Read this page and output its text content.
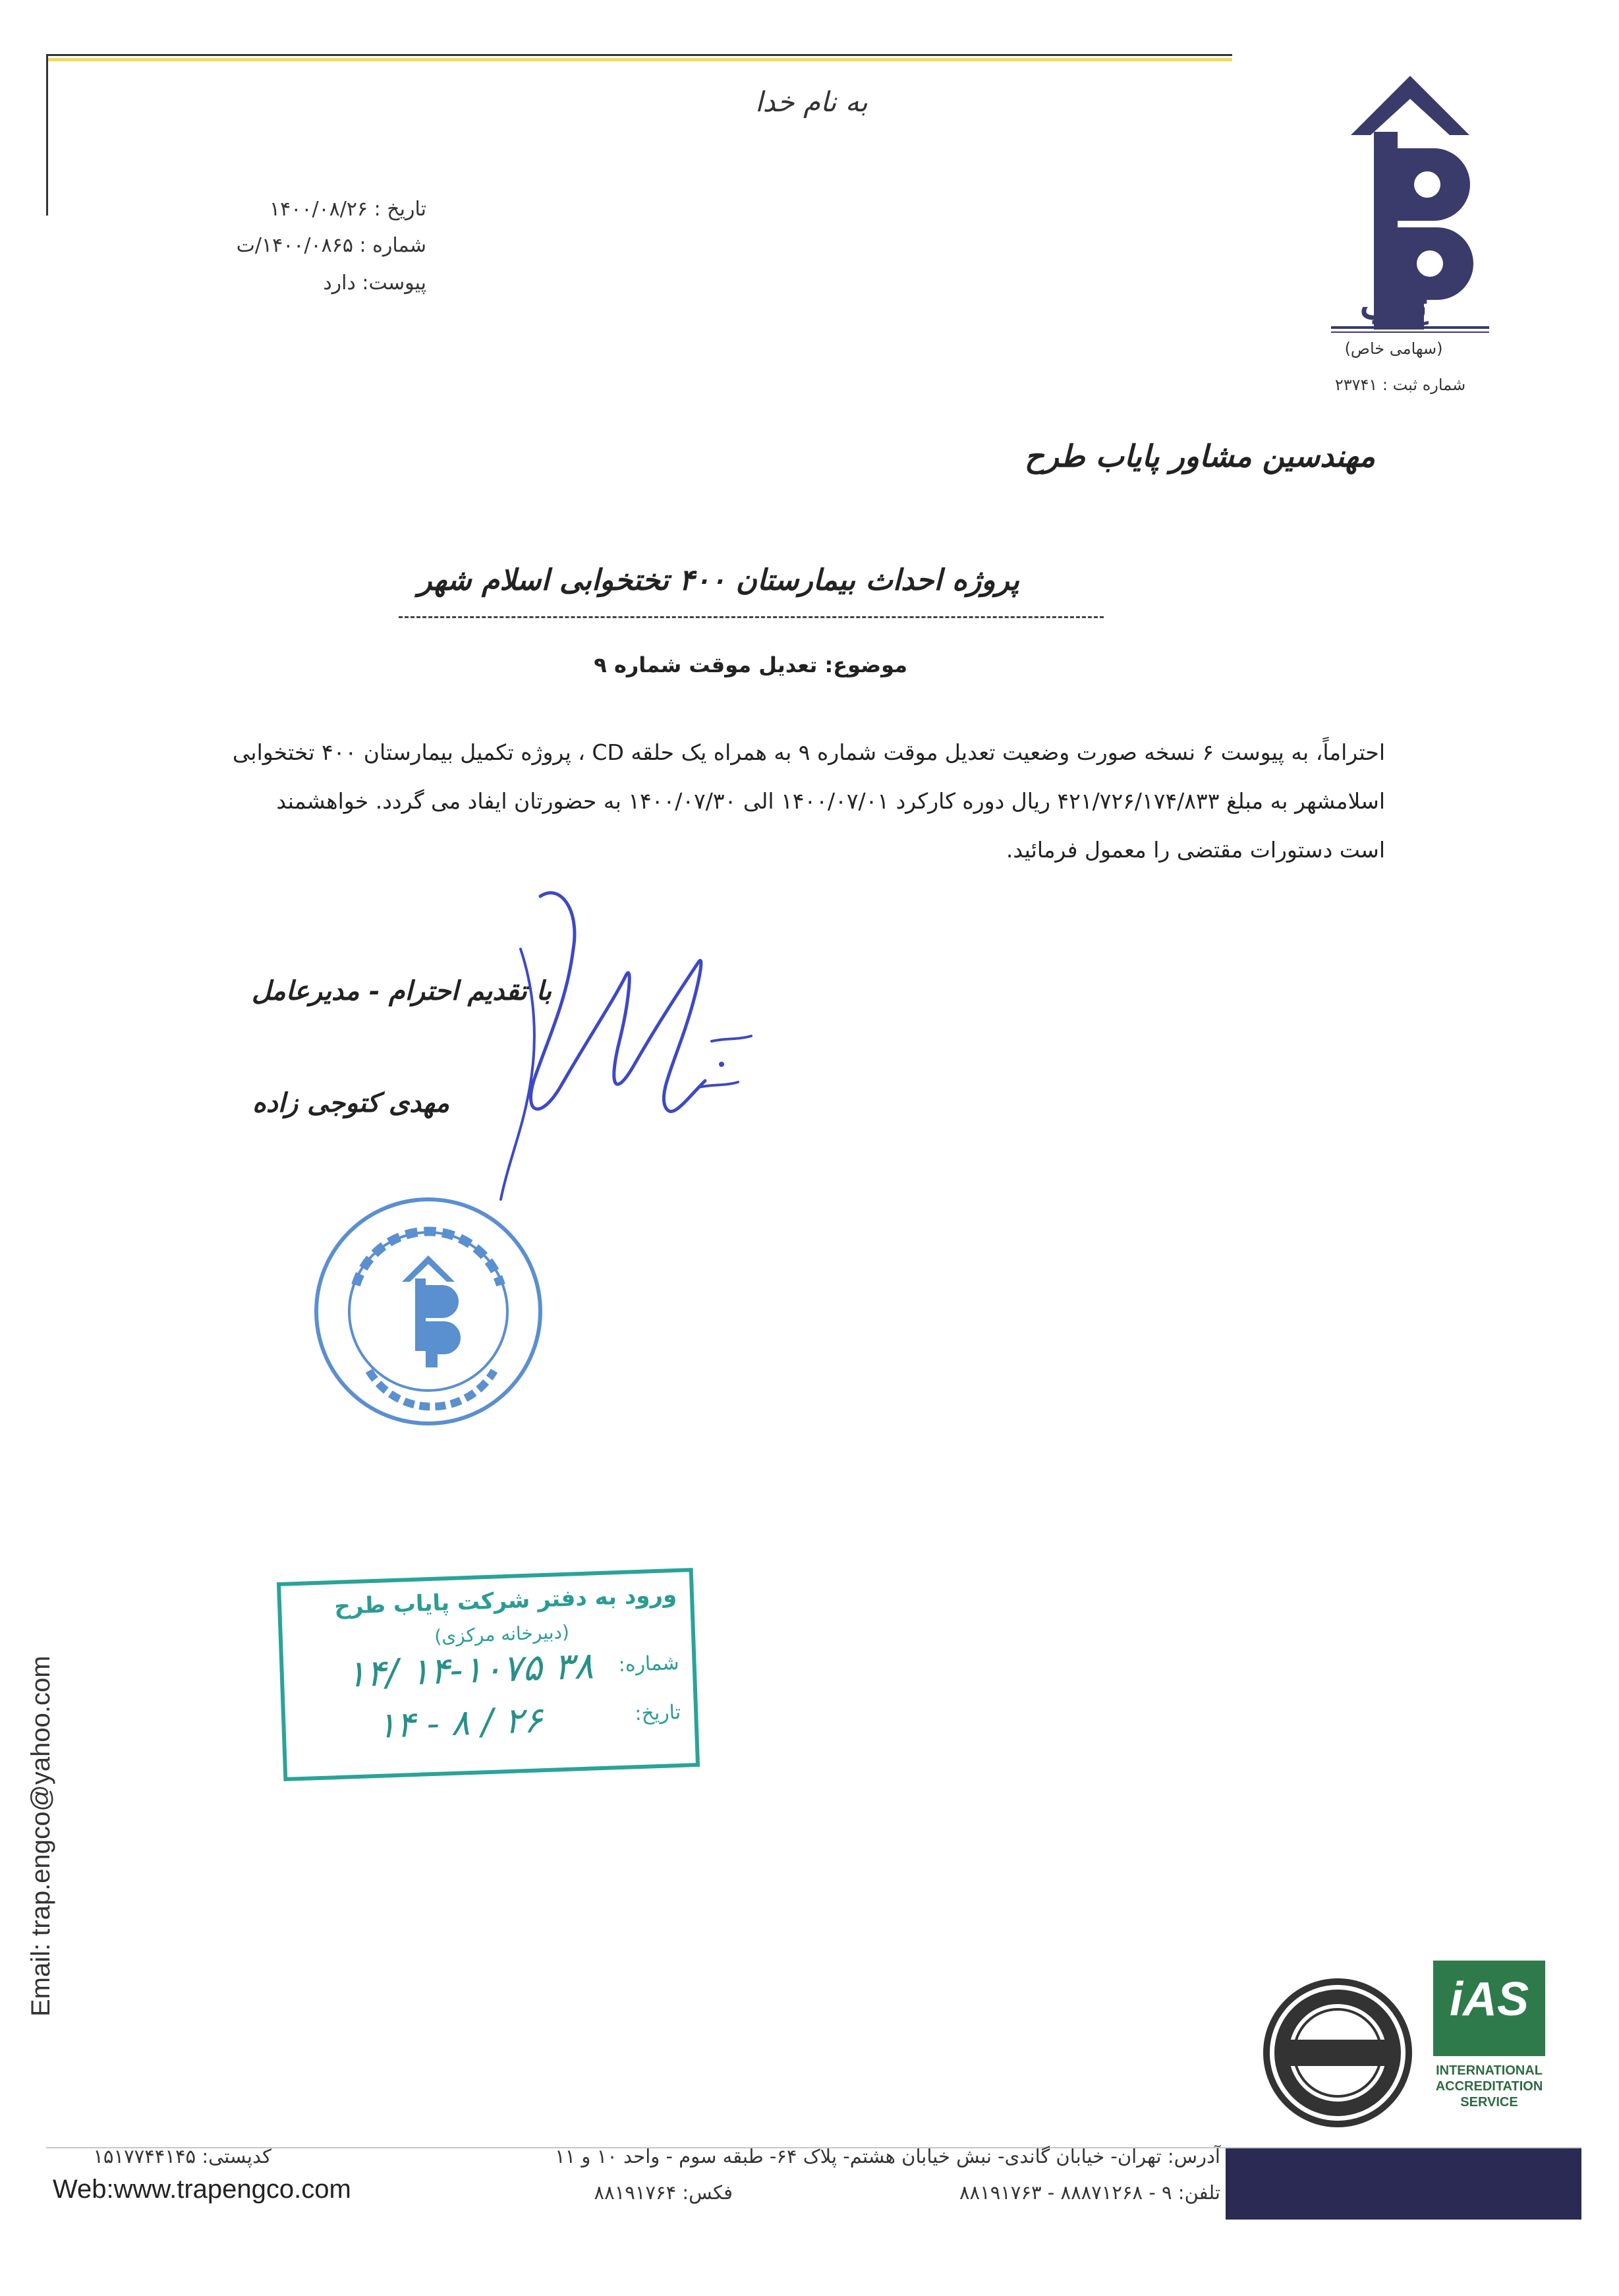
تِرَپ
(سهامی خاص)
شماره ثبت : ۲۳۷۴۱
به نام خدا
تاریخ : ۱۴۰۰/۰۸/۲۶
شماره : ۱۴۰۰/۰۸۶۵/ت
پیوست: دارد
مهندسین مشاور پایاب طرح
پروژه احداث بیمارستان ۴۰۰ تختخوابی اسلام شهر
موضوع: تعدیل موقت شماره ۹

احتراماً، به پیوست ۶ نسخه صورت وضعیت تعدیل موقت شماره ۹ به همراه یک حلقه CD ، پروژه تکمیل بیمارستان ۴۰۰ تختخوابی

اسلامشهر به مبلغ ۴۲۱/۷۲۶/۱۷۴/۸۳۳ ریال دوره کارکرد ۱۴۰۰/۰۷/۰۱ الی ۱۴۰۰/۰۷/۳۰ به حضورتان ایفاد می گردد. خواهشمند

است دستورات مقتضی را معمول فرمائید.

با تقدیم احترام - مدیرعامل
مهدی کتوجی زاده
ورود به دفتر شرکت پایاب طرح
(دبیرخانه مرکزی)
شماره:
۱۴/ ۱۴-۱۰۷۵ ۳۸
تاریخ:
۱۴ - ۸ / ۲۶
Email: trap.engco@yahoo.com	iAS
INTERNATIONAL
ACCREDITATION
SERVICE
کدپستی: ۱۵۱۷۷۴۴۱۴۵	آدرس: تهران- خیابان گاندی- نبش خیابان هشتم- پلاک ۶۴- طبقه سوم - واحد ۱۰ و ۱۱
تلفن: ۹ - ۸۸۸۷۱۲۶۸ - ۸۸۱۹۱۷۶۳
فکس: ۸۸۱۹۱۷۶۴
Web:www.trapengco.com
